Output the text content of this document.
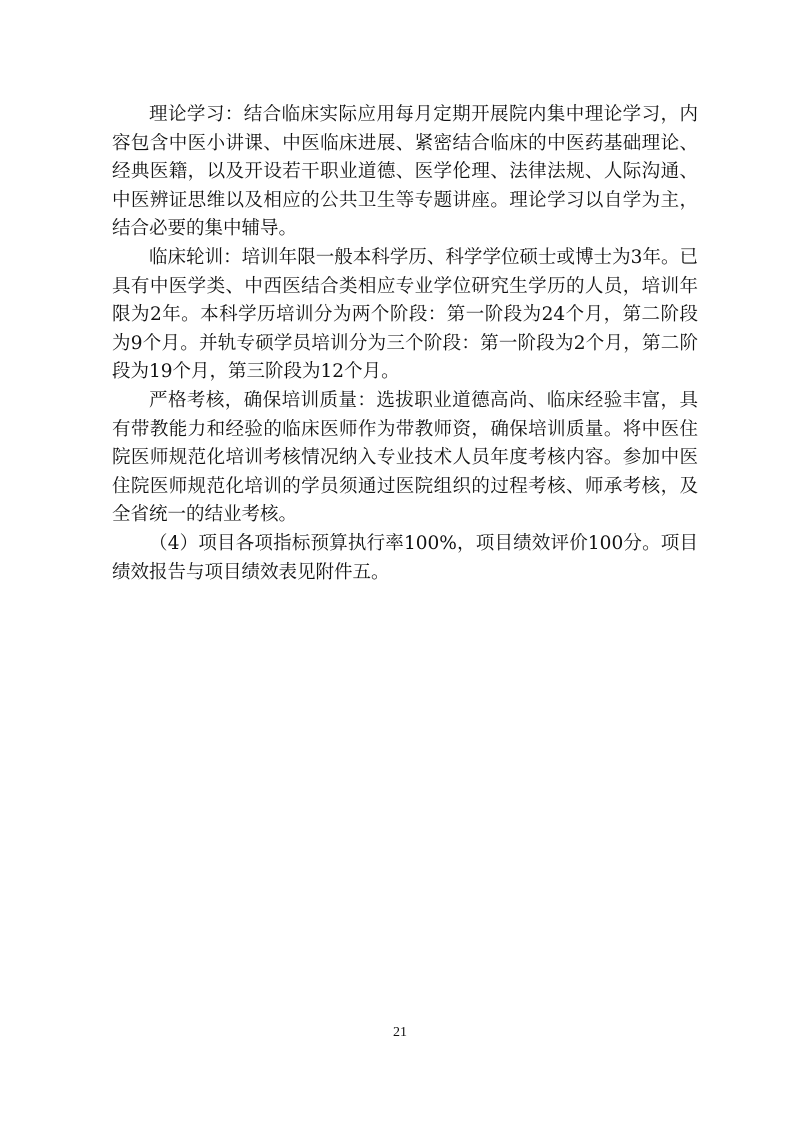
理论学习：结合临床实际应用每月定期开展院内集中理论学习，内容包含中医小讲课、中医临床进展、紧密结合临床的中医药基础理论、经典医籍，以及开设若干职业道德、医学伦理、法律法规、人际沟通、中医辨证思维以及相应的公共卫生等专题讲座。理论学习以自学为主，结合必要的集中辅导。

临床轮训：培训年限一般本科学历、科学学位硕士或博士为3年。已具有中医学类、中西医结合类相应专业学位研究生学历的人员，培训年限为2年。本科学历培训分为两个阶段：第一阶段为24个月，第二阶段为9个月。并轨专硕学员培训分为三个阶段：第一阶段为2个月，第二阶段为19个月，第三阶段为12个月。

严格考核，确保培训质量：选拔职业道德高尚、临床经验丰富，具有带教能力和经验的临床医师作为带教师资，确保培训质量。将中医住院医师规范化培训考核情况纳入专业技术人员年度考核内容。参加中医住院医师规范化培训的学员须通过医院组织的过程考核、师承考核，及全省统一的结业考核。

（4）项目各项指标预算执行率100%，项目绩效评价100分。项目绩效报告与项目绩效表见附件五。

21
